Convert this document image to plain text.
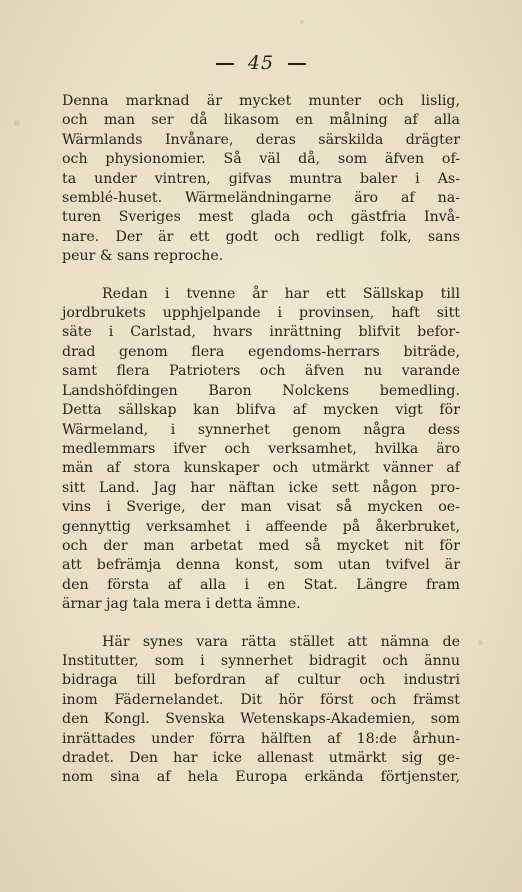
45

Denna marknad är mycket munter och lislig,
och man ser då likasom en målning af alla
Wärmlands Invånare, deras särskilda drägter
och physionomier. Så väl då, som äfven of-
ta under vintren, gifvas muntra baler i As-
semblé-huset. Wärmeländningarne äro af na-
turen Sveriges mest glada och gästfria Invå-
nare. Der är ett godt och redligt folk, sans
peur & sans reproche.

Redan i tvenne år har ett Sällskap till
jordbrukets upphjelpande i provinsen, haft sitt
säte i Carlstad, hvars inrättning blifvit befor-
drad genom flera egendoms-herrars biträde,
samt flera Patrioters och äfven nu varande
Landshöfdingen Baron Nolckens bemedling.
Detta sällskap kan blifva af mycken vigt för
Wärmeland, i synnerhet genom några dess
medlemmars ifver och verksamhet, hvilka äro
män af stora kunskaper och utmärkt vänner af
sitt Land. Jag har näftan icke sett någon pro-
vins i Sverige, der man visat så mycken oe-
gennyttig verksamhet i affeende på åkerbruket,
och der man arbetat med så mycket nit för
att befrämja denna konst, som utan tvifvel är
den första af alla i en Stat. Längre fram
ärnar jag tala mera i detta ämne.

Här synes vara rätta stället att nämna de
Institutter, som i synnerhet bidragit och ännu
bidraga till befordran af cultur och industri
inom Fädernelandet. Dit hör först och främst
den Kongl. Svenska Wetenskaps-Akademien, som
inrättades under förra hälften af 18:de århun-
dradet. Den har icke allenast utmärkt sig ge-
nom sina af hela Europa erkända förtjenster,
